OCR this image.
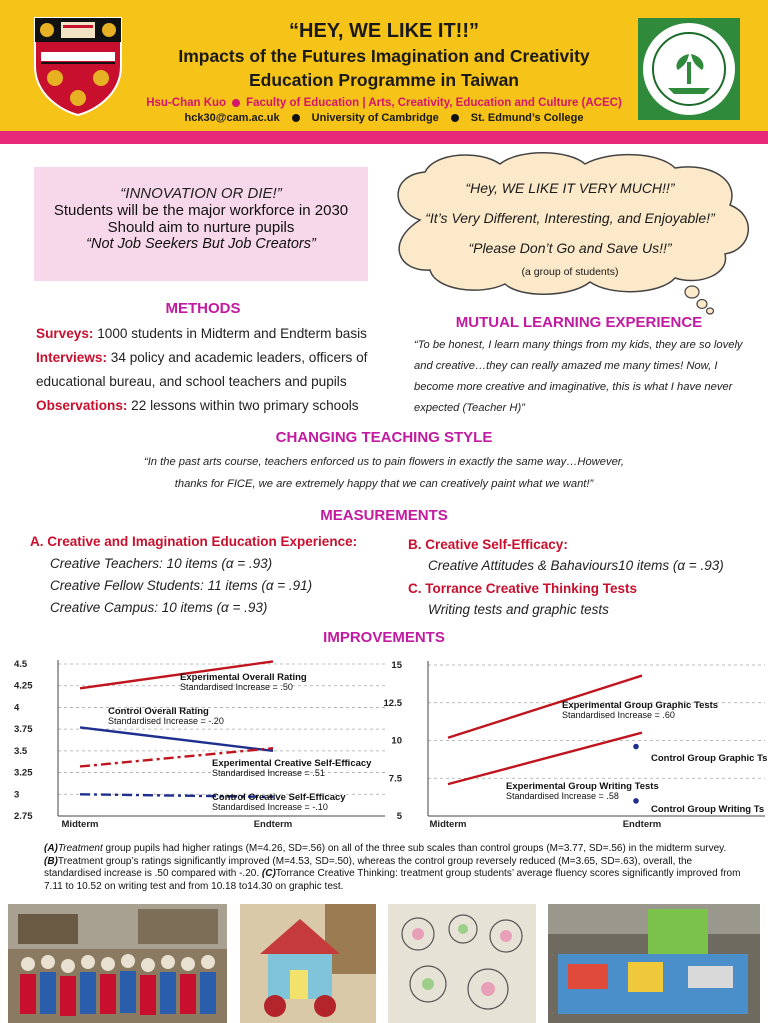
“HEY, WE LIKE IT!!”
Impacts of the Futures Imagination and Creativity
Education Programme in Taiwan
Hsu-Chan Kuo Faculty of Education | Arts, Creativity, Education and Culture (ACEC)
hck30@cam.ac.uk	University of Cambridge	St. Edmund’s College
“INNOVATION OR DIE!”
Students will be the major workforce in 2030
Should aim to nurture pupils
“Not Job Seekers But Job Creators”
“Hey, WE LIKE IT VERY MUCH!!”
“It’s Very Different, Interesting, and Enjoyable!”
“Please Don’t Go and Save Us!!”
(a group of students)
METHODS
Surveys: 1000 students in Midterm and Endterm basis
Interviews: 34 policy and academic leaders, officers of educational bureau, and school teachers and pupils
Observations: 22 lessons within two primary schools
MUTUAL LEARNING EXPERIENCE
“To be honest, I learn many things from my kids, they are so lovely and creative…they can really amazed me many times! Now, I become more creative and imaginative, this is what I have never expected (Teacher H)”
CHANGING TEACHING STYLE
“In the past arts course, teachers enforced us to pain flowers in exactly the same way…However,
thanks for FICE, we are extremely happy that we can creatively paint what we want!”
MEASUREMENTS
A. Creative and Imagination Education Experience:
Creative Teachers: 10 items (α = .93)
Creative Fellow Students: 11 items (α = .91)
Creative Campus: 10 items (α = .93)
B. Creative Self-Efficacy:
Creative Attitudes & Bahaviours10 items (α = .93)
C. Torrance Creative Thinking Tests
Writing tests and graphic tests
IMPROVEMENTS
4.5
4.25
4
3.75
3.5
3.25
3
2.75
Midterm	Endterm
Experimental Overall Rating
Standardised Increase = .50
Control Overall Rating
Standardised Increase = -.20
Experimental Creative Self-Efficacy
Standardised Increase = .51
Control Creative Self-Efficacy
Standardised Increase = -.10
15
12.5
10
7.5
5
Midterm	Endterm
Experimental Group Graphic Tests
Standardised Increase = .60
Experimental Group Writing Tests
Standardised Increase = .58
Control Group Graphic Ts
Control Group Writing Ts
(A)Treatment group pupils had higher ratings (M=4.26, SD=.56) on all of the three sub scales than control groups (M=3.77, SD=.56) in the midterm survey. (B)Treatment group’s ratings significantly improved (M=4.53, SD=.50), whereas the control group reversely reduced (M=3.65, SD=.63), overall, the standardised increase is .50 compared with -.20. (C)Torrance Creative Thinking: treatment group students’ average fluency scores significantly improved from 7.11 to 10.52 on writing test and from 10.18 to14.30 on graphic test.
